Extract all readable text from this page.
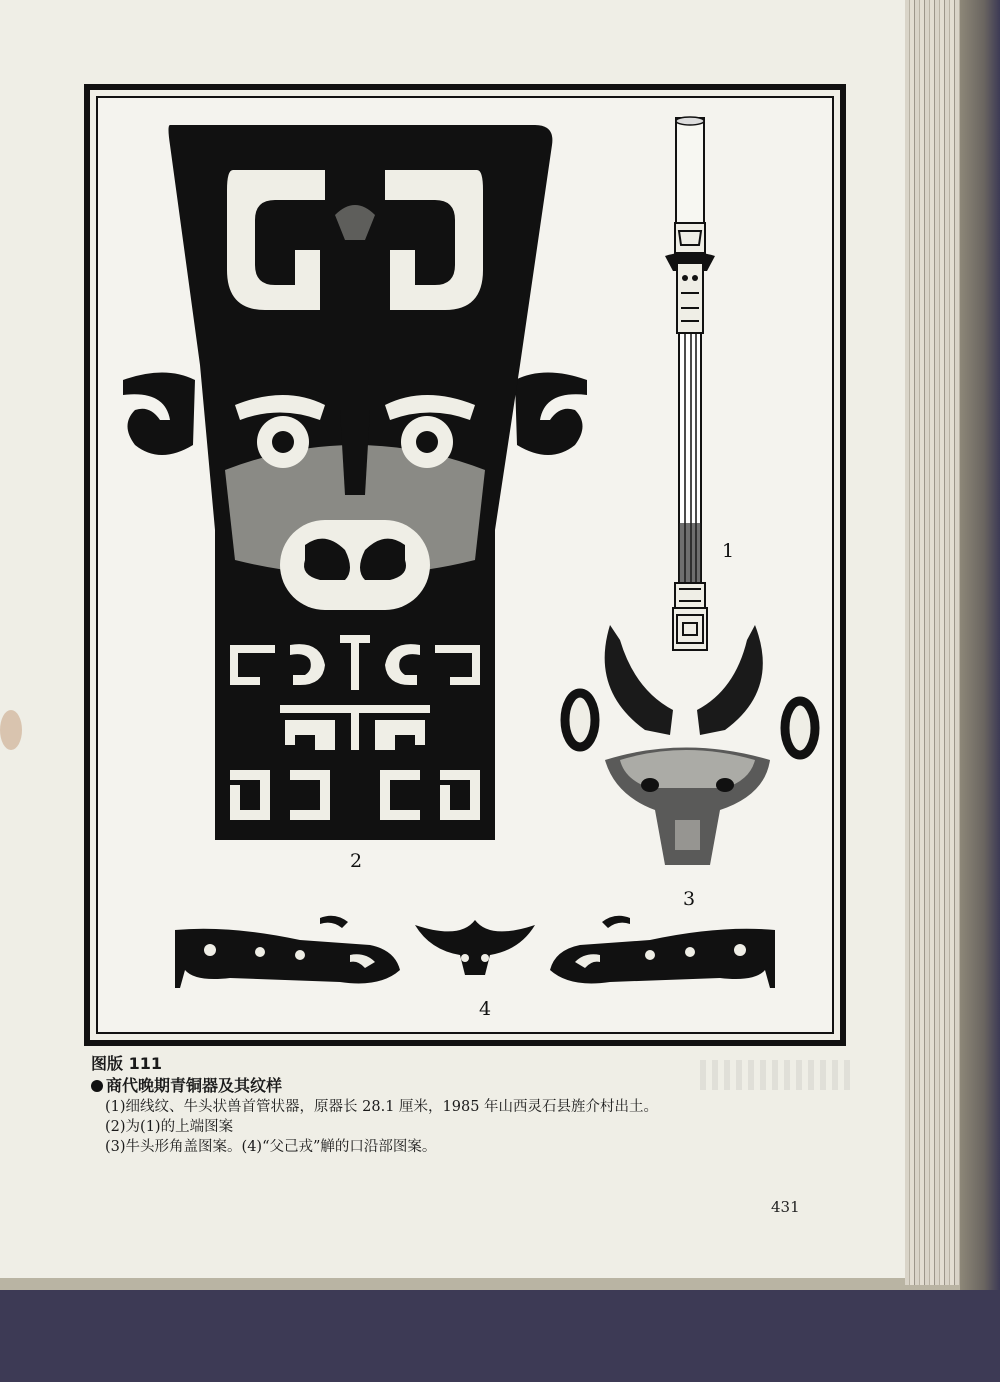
2
1
3
4
图版 111
商代晚期青铜器及其纹样
(1)细线纹、牛头状兽首管状器，原器长 28.1 厘米，1985 年山西灵石县旌介村出土。
(2)为(1)的上端图案
(3)牛头形角盖图案。(4)“父己戎”觯的口沿部图案。
431
